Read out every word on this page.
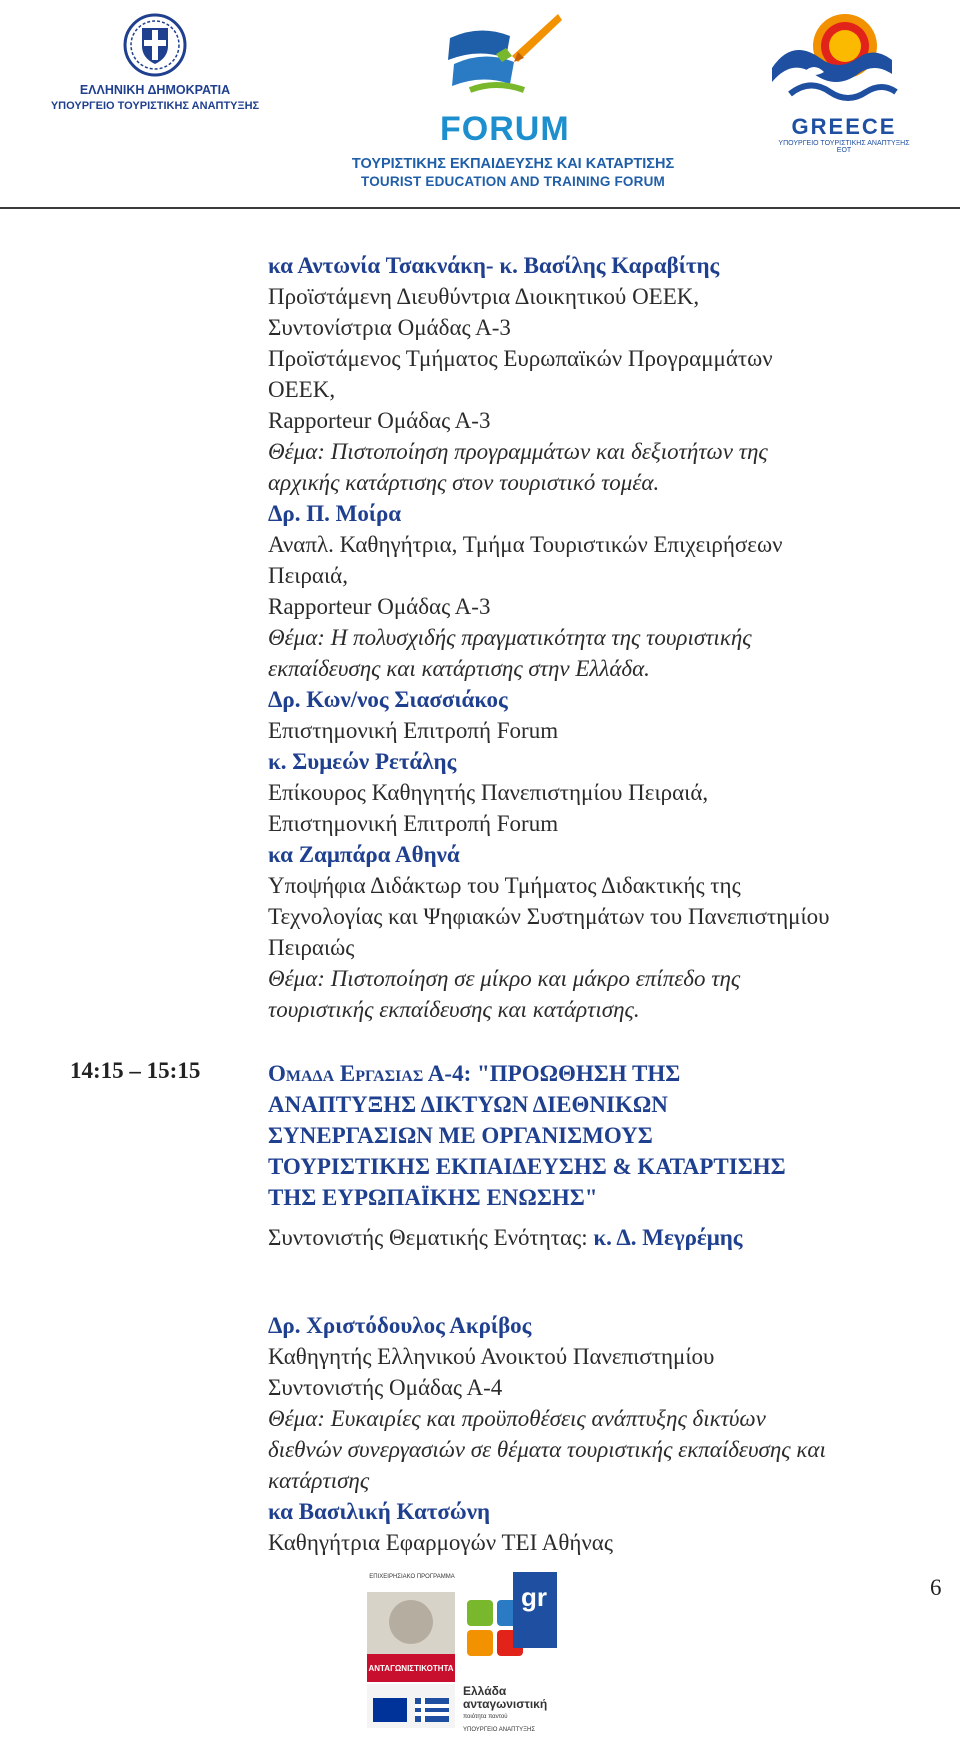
ΕΛΛΗΝΙΚΗ ΔΗΜΟΚΡΑΤΙΑ
ΥΠΟΥΡΓΕΙΟ ΤΟΥΡΙΣΤΙΚΗΣ ΑΝΑΠΤΥΞΗΣ
FORUM
ΤΟΥΡΙΣΤΙΚΗΣ ΕΚΠΑΙΔΕΥΣΗΣ ΚΑΙ ΚΑΤΑΡΤΙΣΗΣ
TOURIST EDUCATION AND TRAINING FORUM
GREECE
ΥΠΟΥΡΓΕΙΟ ΤΟΥΡΙΣΤΙΚΗΣ ΑΝΑΠΤΥΞΗΣ ΕΟΤ
κα Αντωνία Τσακνάκη- κ. Βασίλης Καραβίτης
Προϊστάμενη Διευθύντρια Διοικητικού ΟΕΕΚ,
Συντονίστρια Ομάδας Α-3
Προϊστάμενος Τμήματος Ευρωπαϊκών Προγραμμάτων
ΟΕΕΚ,
Rapporteur Ομάδας Α-3
Θέμα: Πιστοποίηση προγραμμάτων και δεξιοτήτων της
αρχικής κατάρτισης στον τουριστικό τομέα.
Δρ. Π. Μοίρα
Αναπλ. Καθηγήτρια, Τμήμα Τουριστικών Επιχειρήσεων
Πειραιά,
Rapporteur Ομάδας Α-3
Θέμα: Η πολυσχιδής πραγματικότητα της τουριστικής
εκπαίδευσης και κατάρτισης στην Ελλάδα.
Δρ. Κων/νος Σιασσιάκος
Επιστημονική Επιτροπή Forum
κ. Συμεών Ρετάλης
Επίκουρος Καθηγητής Πανεπιστημίου Πειραιά,
Επιστημονική Επιτροπή Forum
κα Ζαμπάρα Αθηνά
Υποψήφια Διδάκτωρ του Τμήματος Διδακτικής της
Τεχνολογίας και Ψηφιακών Συστημάτων του Πανεπιστημίου
Πειραιώς
Θέμα: Πιστοποίηση σε μίκρο και μάκρο επίπεδο της
τουριστικής εκπαίδευσης και κατάρτισης.
14:15 – 15:15	Ομαδα Εργασιας Α-4: "ΠΡΟΩΘΗΣΗ ΤΗΣ
ΑΝΑΠΤΥΞΗΣ ΔΙΚΤΥΩΝ ΔΙΕΘΝΙΚΩΝ
ΣΥΝΕΡΓΑΣΙΩΝ ΜΕ ΟΡΓΑΝΙΣΜΟΥΣ
ΤΟΥΡΙΣΤΙΚΗΣ ΕΚΠΑΙΔΕΥΣΗΣ & ΚΑΤΑΡΤΙΣΗΣ
ΤΗΣ ΕΥΡΩΠΑΪΚΗΣ ΕΝΩΣΗΣ"
Συντονιστής Θεματικής Ενότητας: κ. Δ. Μεγρέμης
Δρ. Χριστόδουλος Ακρίβος
Καθηγητής Ελληνικού Ανοικτού Πανεπιστημίου
Συντονιστής Ομάδας Α-4
Θέμα: Ευκαιρίες και προϋποθέσεις ανάπτυξης δικτύων
διεθνών συνεργασιών σε θέματα τουριστικής εκπαίδευσης και
κατάρτισης
κα Βασιλική Κατσώνη
Καθηγήτρια Εφαρμογών ΤΕΙ Αθήνας
ΕΠΙΧΕΙΡΗΣΙΑΚΟ ΠΡΟΓΡΑΜΜΑ
ΑΝΤΑΓΩΝΙΣΤΙΚΟΤΗΤΑ
gr
Ελλάδα
ανταγωνιστική
ποιότητα παντού
ΥΠΟΥΡΓΕΙΟ ΑΝΑΠΤΥΞΗΣ
6
